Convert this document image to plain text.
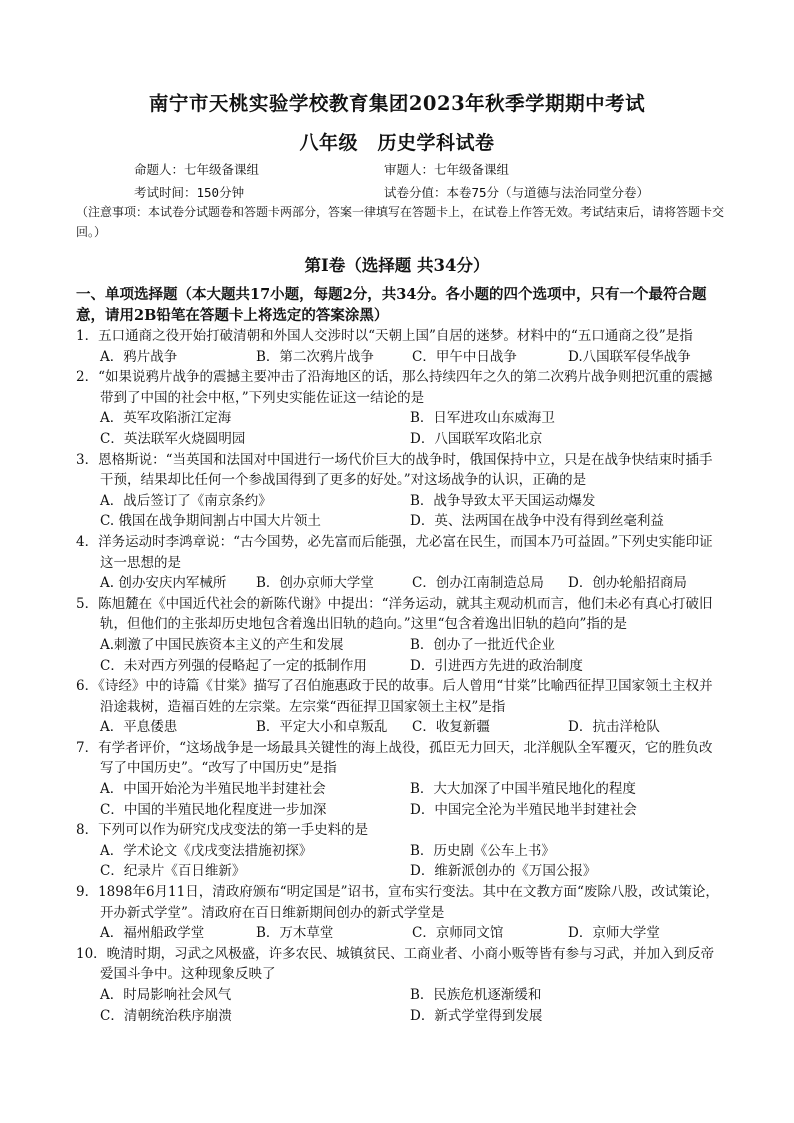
南宁市天桃实验学校教育集团2023年秋季学期期中考试
八年级　历史学科试卷
命题人：七年级备课组	审题人：七年级备课组
考试时间：150分钟	试卷分值：本卷75分（与道德与法治同堂分卷）
（注意事项：本试卷分试题卷和答题卡两部分，答案一律填写在答题卡上，在试卷上作答无效。考试结束后，请将答题卡交回。）
第Ⅰ卷（选择题 共34分）
一、单项选择题（本大题共17小题，每题2分，共34分。各小题的四个选项中，只有一个最符合题意，请用2B铅笔在答题卡上将选定的答案涂黑）

1．五口通商之役开始打破清朝和外国人交涉时以“天朝上国”自居的迷梦。材料中的“五口通商之役”是指

A．鸦片战争	B．第二次鸦片战争	C．甲午中日战争	D.八国联军侵华战争

2．“如果说鸦片战争的震撼主要冲击了沿海地区的话，那么持续四年之久的第二次鸦片战争则把沉重的震撼带到了中国的社会中枢，”下列史实能佐证这一结论的是

A．英军攻陷浙江定海	B．日军进攻山东威海卫
C．英法联军火烧圆明园	D．八国联军攻陷北京

3．恩格斯说：“当英国和法国对中国进行一场代价巨大的战争时，俄国保持中立，只是在战争快结束时插手干预，结果却比任何一个参战国得到了更多的好处。”对这场战争的认识，正确的是

A．战后签订了《南京条约》	B．战争导致太平天国运动爆发
C. 俄国在战争期间割占中国大片领土	D．英、法两国在战争中没有得到丝毫利益

4．洋务运动时李鸿章说：“古今国势，必先富而后能强，尤必富在民生，而国本乃可益固。”下列史实能印证这一思想的是

A. 创办安庆内军械所	B．创办京师大学堂	C．创办江南制造总局	D．创办轮船招商局

5．陈旭麓在《中国近代社会的新陈代谢》中提出：“洋务运动，就其主观动机而言，他们未必有真心打破旧轨，但他们的主张却历史地包含着逸出旧轨的趋向。”这里“包含着逸出旧轨的趋向”指的是

A.刺激了中国民族资本主义的产生和发展	B．创办了一批近代企业
C．未对西方列强的侵略起了一定的抵制作用	D．引进西方先进的政治制度

6．《诗经》中的诗篇《甘棠》描写了召伯施惠政于民的故事。后人曾用“甘棠”比喻西征捍卫国家领土主权并沿途栽树，造福百姓的左宗棠。左宗棠“西征捍卫国家领土主权”是指

A．平息倭患	B．平定大小和卓叛乱	C．收复新疆	D．抗击洋枪队

7．有学者评价，“这场战争是一场最具关键性的海上战役，孤臣无力回天，北洋舰队全军覆灭，它的胜负改写了中国历史”。“改写了中国历史”是指

A．中国开始沦为半殖民地半封建社会	B．大大加深了中国半殖民地化的程度
C．中国的半殖民地化程度进一步加深	D．中国完全沦为半殖民地半封建社会

8．下列可以作为研究戊戌变法的第一手史料的是

A．学术论文《戊戌变法措施初探》	B．历史剧《公车上书》
C．纪录片《百日维新》	D．维新派创办的《万国公报》

9．1898年6月11日，清政府颁布“明定国是”诏书，宣布实行变法。其中在文教方面“废除八股，改试策论，开办新式学堂”。清政府在百日维新期间创办的新式学堂是

A．福州船政学堂	B．万木草堂	C．京师同文馆	D．京师大学堂

10．晚清时期，习武之风极盛，许多农民、城镇贫民、工商业者、小商小贩等皆有参与习武，并加入到反帝爱国斗争中。这种现象反映了

A．时局影响社会风气	B．民族危机逐渐缓和
C．清朝统治秩序崩溃	D．新式学堂得到发展
